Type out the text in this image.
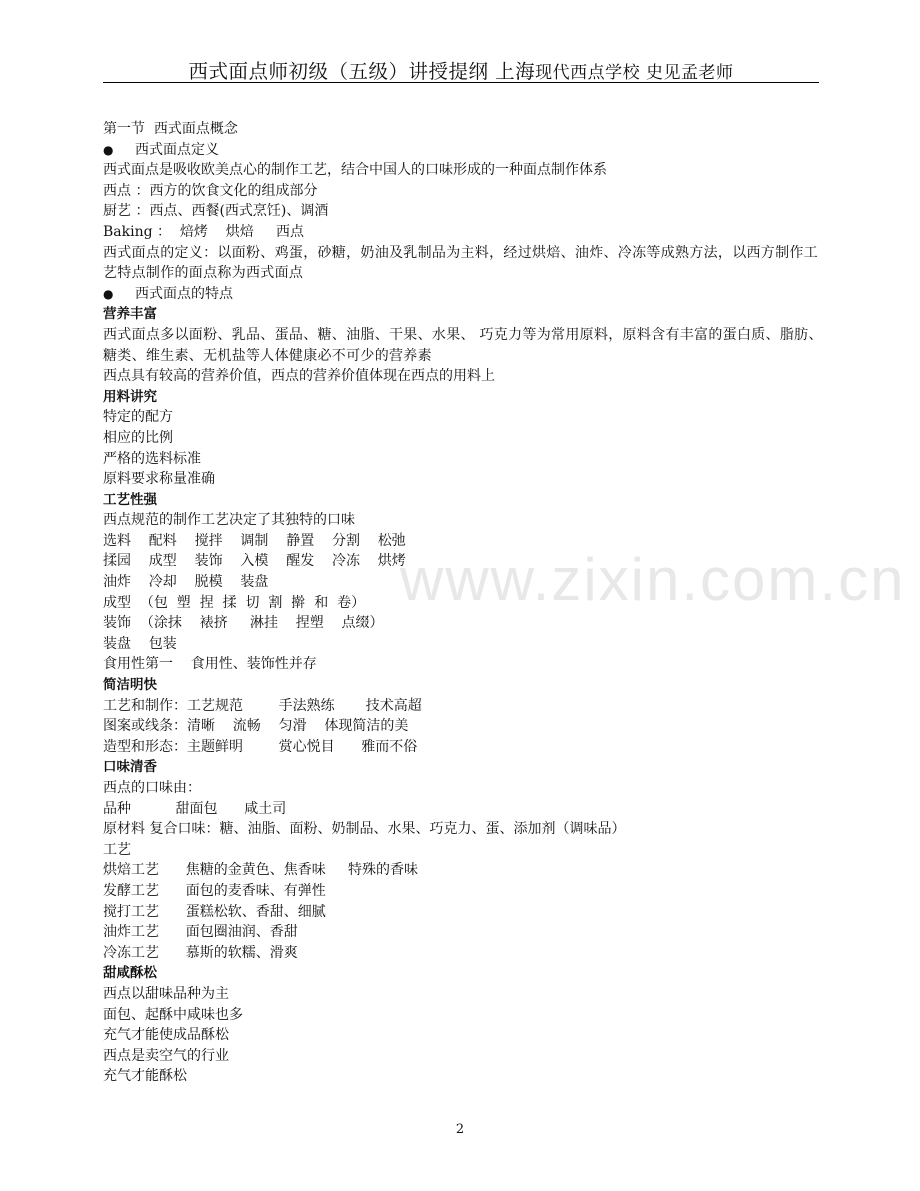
西式面点师初级（五级）讲授提纲 上海现代西点学校 史见孟老师
www.zixin.com.cn
第一节  西式面点概念
● 西式面点定义
西式面点是吸收欧美点心的制作工艺，结合中国人的口味形成的一种面点制作体系
西点 ：西方的饮食文化的组成部分
厨艺 ：西点、西餐(西式烹饪)、调酒
Baking ：  焙烤    烘焙     西点
西式面点的定义：以面粉、鸡蛋，砂糖，奶油及乳制品为主料，经过烘焙、油炸、冷冻等成熟方法，以西方制作工艺特点制作的面点称为西式面点
● 西式面点的特点
营养丰富
西式面点多以面粉、乳品、蛋品、糖、油脂、干果、水果、 巧克力等为常用原料，原料含有丰富的蛋白质、脂肪、糖类、维生素、无机盐等人体健康必不可少的营养素
西点具有较高的营养价值，西点的营养价值体现在西点的用料上
用料讲究
特定的配方
相应的比例
严格的选料标准
原料要求称量准确
工艺性强
西点规范的制作工艺决定了其独特的口味
选料    配料    搅拌    调制    静置    分割    松弛
揉园    成型    装饰    入模    醒发    冷冻    烘烤
油炸    冷却    脱模    装盘
成型  （包  塑  捏  揉  切  割  擀  和  卷）
装饰  （涂抹    裱挤     淋挂    捏塑    点缀）
装盘    包装
食用性第一    食用性、装饰性并存
简洁明快
工艺和制作：工艺规范        手法熟练       技术高超
图案或线条：清晰    流畅    匀滑    体现简洁的美
造型和形态：主题鲜明        赏心悦目      雅而不俗
口味清香
西点的口味由：
品种          甜面包      咸土司
原材料 复合口味：糖、油脂、面粉、奶制品、水果、巧克力、蛋、添加剂（调味品）
工艺
烘焙工艺      焦糖的金黄色、焦香味     特殊的香味
发酵工艺      面包的麦香味、有弹性
搅打工艺      蛋糕松软、香甜、细腻
油炸工艺      面包圈油润、香甜
冷冻工艺      慕斯的软糯、滑爽
甜咸酥松
西点以甜味品种为主
面包、起酥中咸味也多
充气才能使成品酥松
西点是卖空气的行业
充气才能酥松
2
